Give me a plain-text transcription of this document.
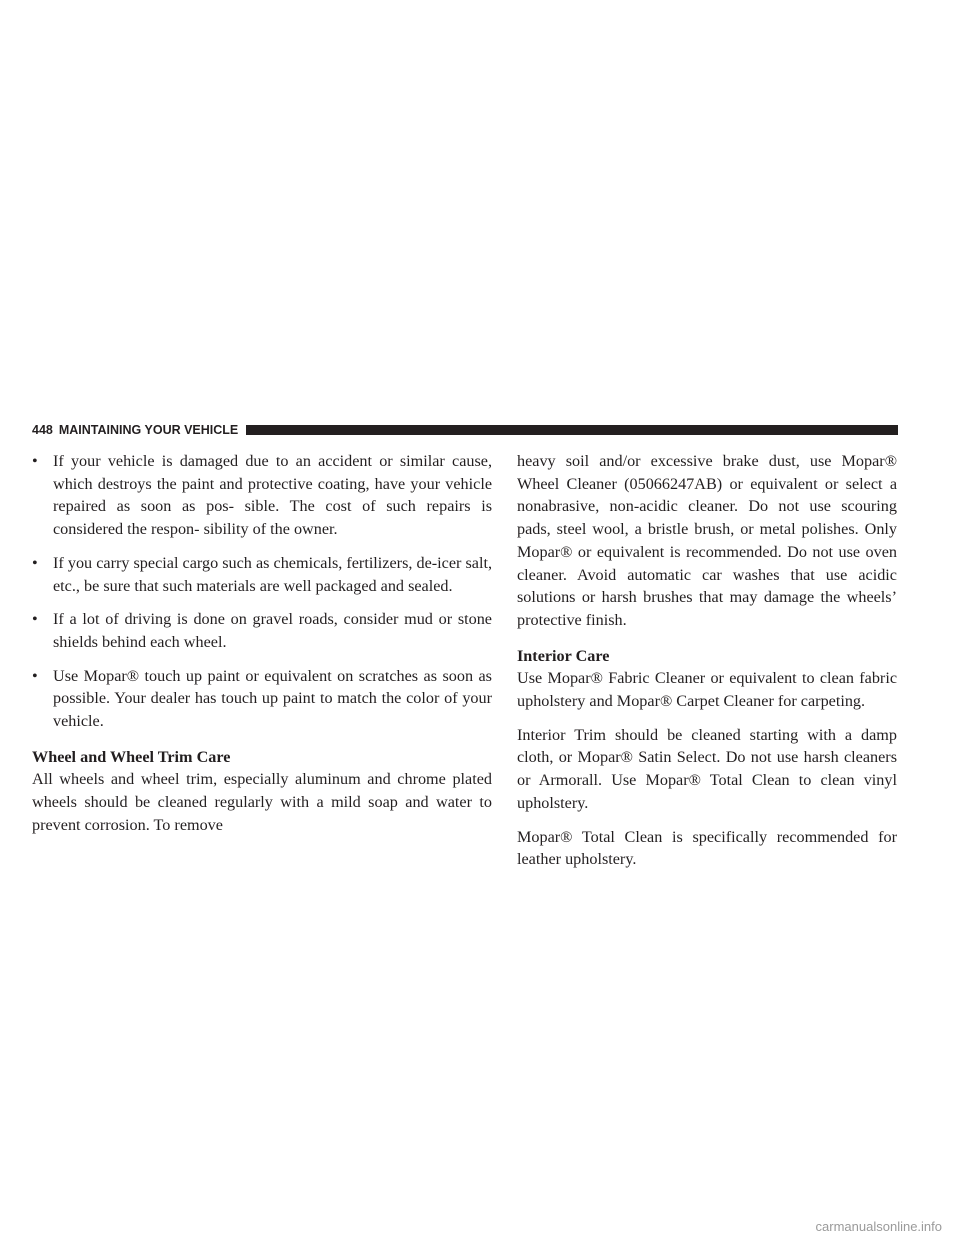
448 MAINTAINING YOUR VEHICLE
• If your vehicle is damaged due to an accident or similar cause, which destroys the paint and protective coating, have your vehicle repaired as soon as pos- sible. The cost of such repairs is considered the respon- sibility of the owner.
• If you carry special cargo such as chemicals, fertilizers, de-icer salt, etc., be sure that such materials are well packaged and sealed.
• If a lot of driving is done on gravel roads, consider mud or stone shields behind each wheel.
• Use Mopar® touch up paint or equivalent on scratches as soon as possible. Your dealer has touch up paint to match the color of your vehicle.
Wheel and Wheel Trim Care
All wheels and wheel trim, especially aluminum and chrome plated wheels should be cleaned regularly with a mild soap and water to prevent corrosion. To remove
heavy soil and/or excessive brake dust, use Mopar® Wheel Cleaner (05066247AB) or equivalent or select a nonabrasive, non-acidic cleaner. Do not use scouring pads, steel wool, a bristle brush, or metal polishes. Only Mopar® or equivalent is recommended. Do not use oven cleaner. Avoid automatic car washes that use acidic solutions or harsh brushes that may damage the wheels’ protective finish.
Interior Care
Use Mopar® Fabric Cleaner or equivalent to clean fabric upholstery and Mopar® Carpet Cleaner for carpeting.
Interior Trim should be cleaned starting with a damp cloth, or Mopar® Satin Select. Do not use harsh cleaners or Armorall. Use Mopar® Total Clean to clean vinyl upholstery.
Mopar® Total Clean is specifically recommended for leather upholstery.
carmanualsonline.info
